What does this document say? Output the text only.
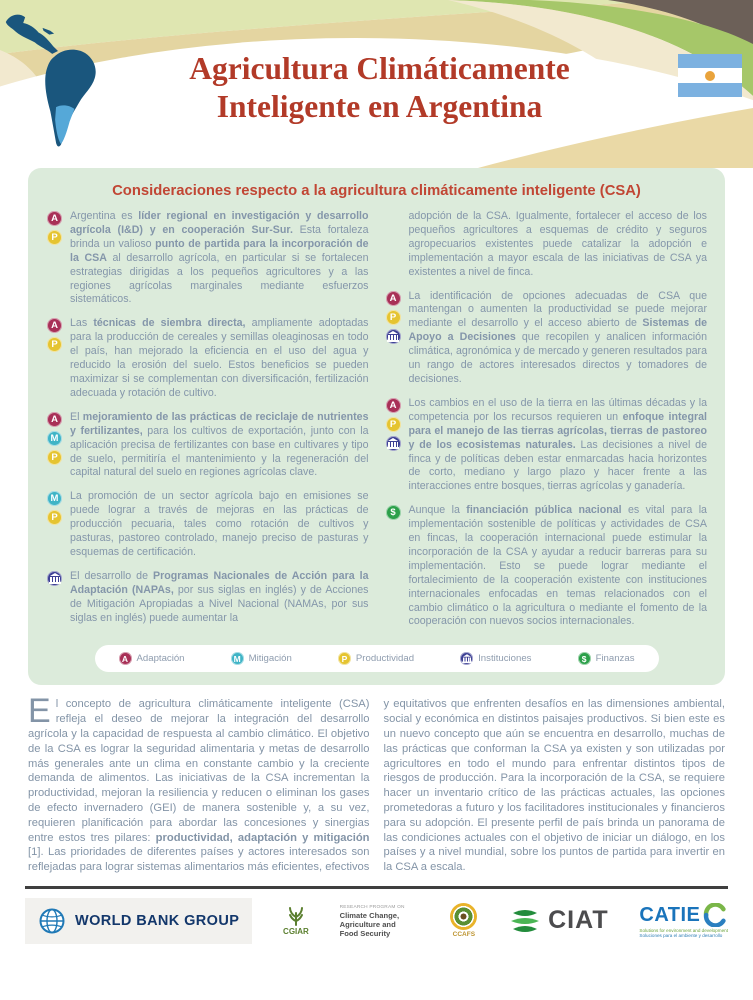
Agricultura Climáticamente
Inteligente en Argentina
Consideraciones respecto a la agricultura climáticamente inteligente (CSA)
A
P

Argentina es líder regional en investigación y desarrollo agrícola (I&D) y en cooperación Sur-Sur. Esta fortaleza brinda un valioso punto de partida para la incorporación de la CSA al desarrollo agrícola, en particular si se fortalecen estrategias dirigidas a los pequeños agricultores y a las regiones agrícolas marginales mediante esfuerzos sistemáticos.

A
P

Las técnicas de siembra directa, ampliamente adoptadas para la producción de cereales y semillas oleaginosas en todo el país, han mejorado la eficiencia en el uso del agua y reducido la erosión del suelo. Estos beneficios se pueden maximizar si se complementan con diversificación, fertilización adecuada y rotación de cultivo.

A
M
P

El mejoramiento de las prácticas de reciclaje de nutrientes y fertilizantes, para los cultivos de exportación, junto con la aplicación precisa de fertilizantes con base en cultivares y tipo de suelo, permitiría el mantenimiento y la regeneración del capital natural del suelo en regiones agrícolas clave.

M
P

La promoción de un sector agrícola bajo en emisiones se puede lograr a través de mejoras en las prácticas de producción pecuaria, tales como rotación de cultivos y pasturas, pastoreo controlado, manejo preciso de pasturas y esquemas de certificación.

El desarrollo de Programas Nacionales de Acción para la Adaptación (NAPAs, por sus siglas en inglés) y de Acciones de Mitigación Apropiadas a Nivel Nacional (NAMAs, por sus siglas en inglés) puede aumentar la

adopción de la CSA. Igualmente, fortalecer el acceso de los pequeños agricultores a esquemas de crédito y seguros agropecuarios existentes puede catalizar la adopción e implementación a mayor escala de las iniciativas de CSA ya existentes a nivel de finca.

A
P

La identificación de opciones adecuadas de CSA que mantengan o aumenten la productividad se puede mejorar mediante el desarrollo y el acceso abierto de Sistemas de Apoyo a Decisiones que recopilen y analicen información climática, agronómica y de mercado y generen resultados para un rango de actores interesados directos y tomadores de decisiones.

A
P

Los cambios en el uso de la tierra en las últimas décadas y la competencia por los recursos requieren un enfoque integral para el manejo de las tierras agrícolas, tierras de pastoreo y de los ecosistemas naturales. Las decisiones a nivel de finca y de políticas deben estar enmarcadas hacia horizontes de corto, mediano y largo plazo y hacer frente a las interacciones entre bosques, tierras agrícolas y ganadería.

$	Aunque la financiación pública nacional es vital para la implementación sostenible de políticas y actividades de CSA en fincas, la cooperación internacional puede estimular la incorporación de la CSA y ayudar a reducir barreras para su implementación. Esto se puede lograr mediante el fortalecimiento de la cooperación existente con instituciones internacionales enfocadas en temas relacionados con el cambio climático o la agricultura o mediante el fomento de la cooperación con nuevos socios internacionales.

A Adaptación	M Mitigación	P Productividad	Instituciones	$ Finanzas

El concepto de agricultura climáticamente inteligente (CSA) refleja el deseo de mejorar la integración del desarrollo agrícola y la capacidad de respuesta al cambio climático. El objetivo de la CSA es lograr la seguridad alimentaria y metas de desarrollo más generales ante un clima en constante cambio y la creciente demanda de alimentos. Las iniciativas de la CSA incrementan la productividad, mejoran la resiliencia y reducen o eliminan los gases de efecto invernadero (GEI) de manera sostenible y, a su vez, requieren planificación para abordar las concesiones y sinergias entre estos tres pilares: productividad, adaptación y mitigación [1]. Las prioridades de diferentes países y actores interesados son reflejadas para lograr sistemas alimentarios más eficientes, efectivos

y equitativos que enfrenten desafíos en las dimensiones ambiental, social y económica en distintos paisajes productivos. Si bien este es un nuevo concepto que aún se encuentra en desarrollo, muchas de las prácticas que conforman la CSA ya existen y son utilizadas por agricultores en todo el mundo para enfrentar distintos tipos de riesgos de producción. Para la incorporación de la CSA, se requiere hacer un inventario crítico de las prácticas actuales, las opciones prometedoras a futuro y los facilitadores institucionales y financieros para su adopción. El presente perfil de país brinda un panorama de las condiciones actuales con el objetivo de iniciar un diálogo, en los países y a nivel mundial, sobre los puntos de partida para invertir en la CSA a escala.

WORLD BANK GROUP
CGIAR
RESEARCH PROGRAM ON
Climate Change,
Agriculture and
Food Security	CCAFS
CIAT CATIE
Solutions for environment and development
Soluciones para el ambiente y desarrollo
